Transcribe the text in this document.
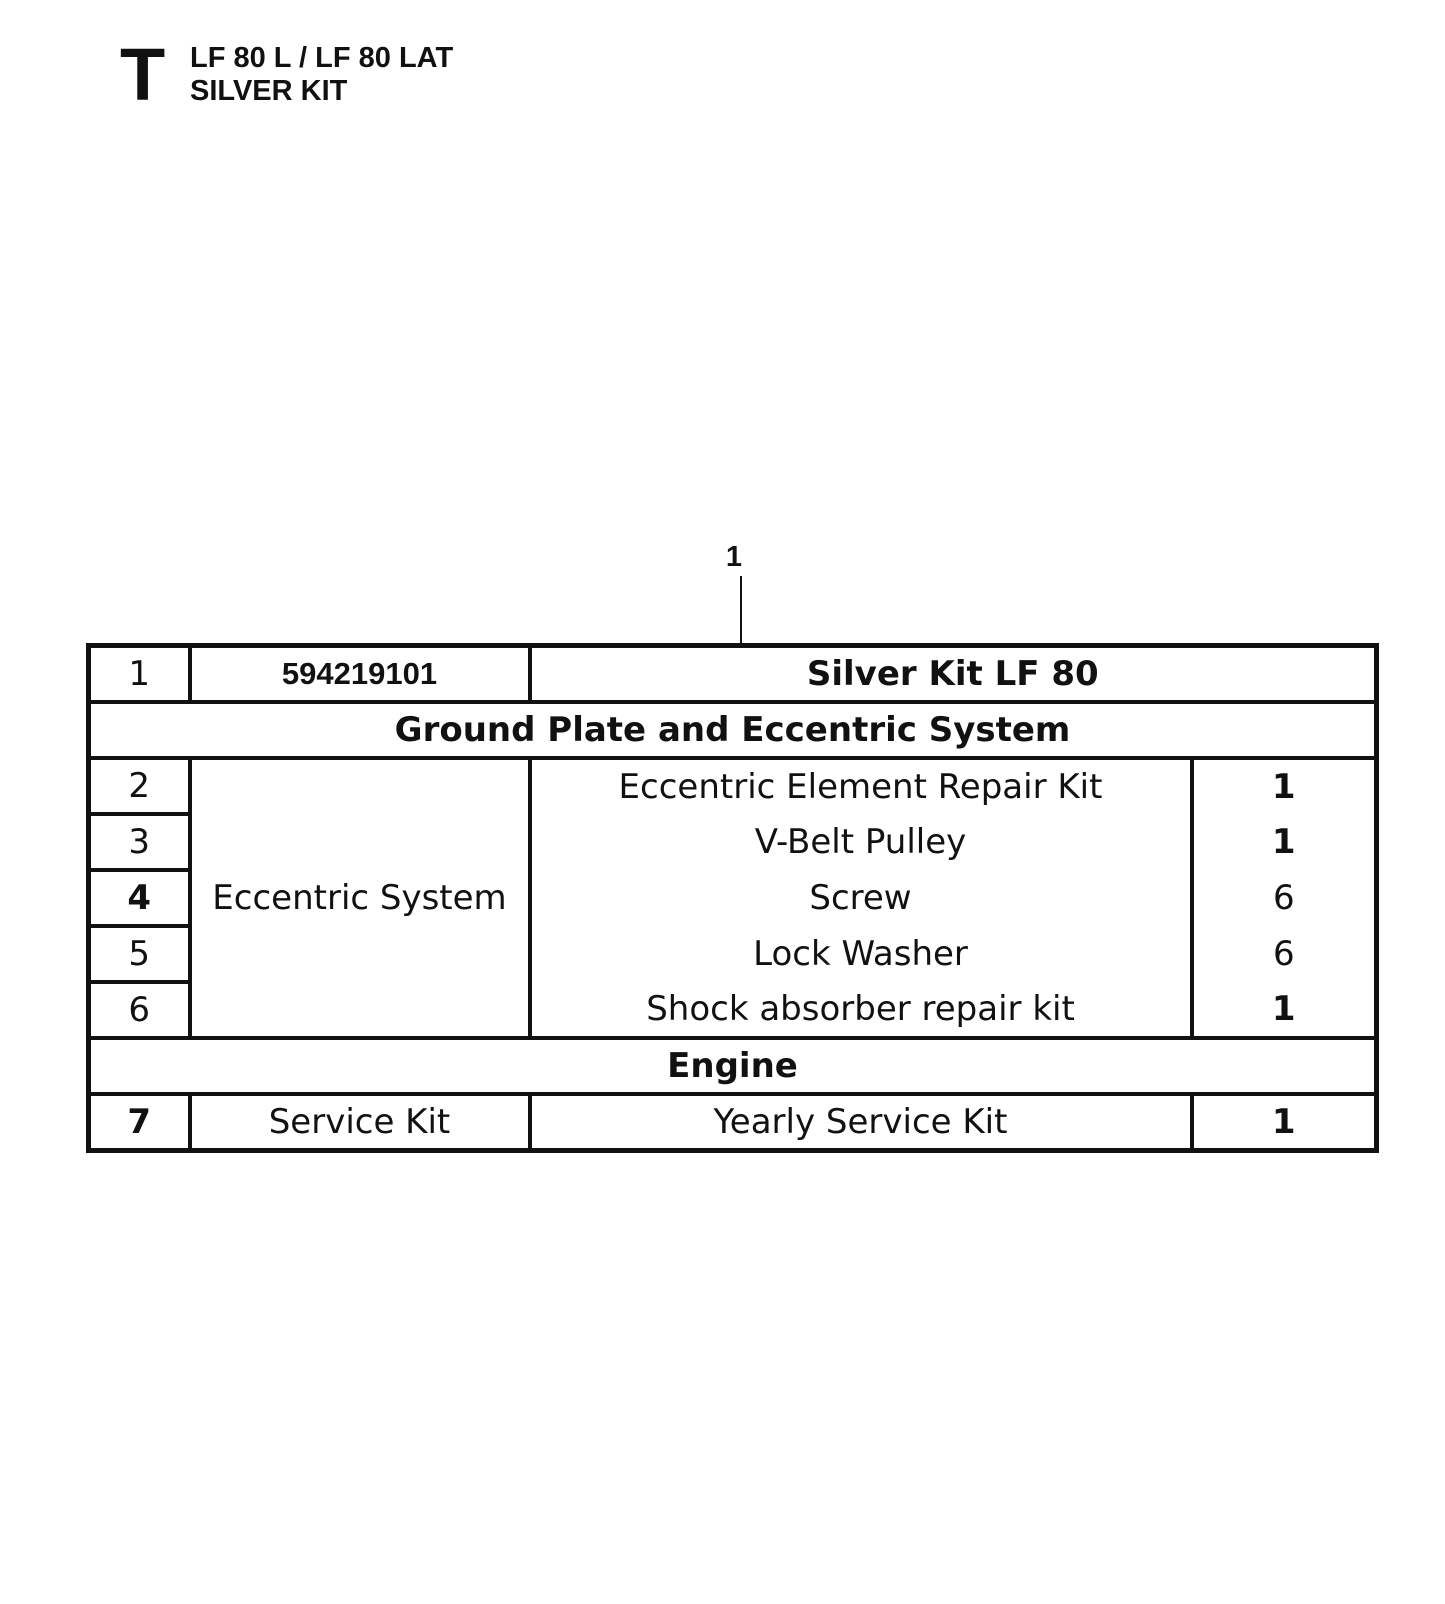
T LF 80 L / LF 80 LAT
SILVER KIT
1
1	594219101	Silver Kit LF 80	
Ground Plate and Eccentric System			
2	Eccentric System	Eccentric Element Repair Kit	1
3		V-Belt Pulley	1
4		Screw	6
5		Lock Washer	6
6		Shock absorber repair kit	1
Engine			
7	Service Kit	Yearly Service Kit	1
